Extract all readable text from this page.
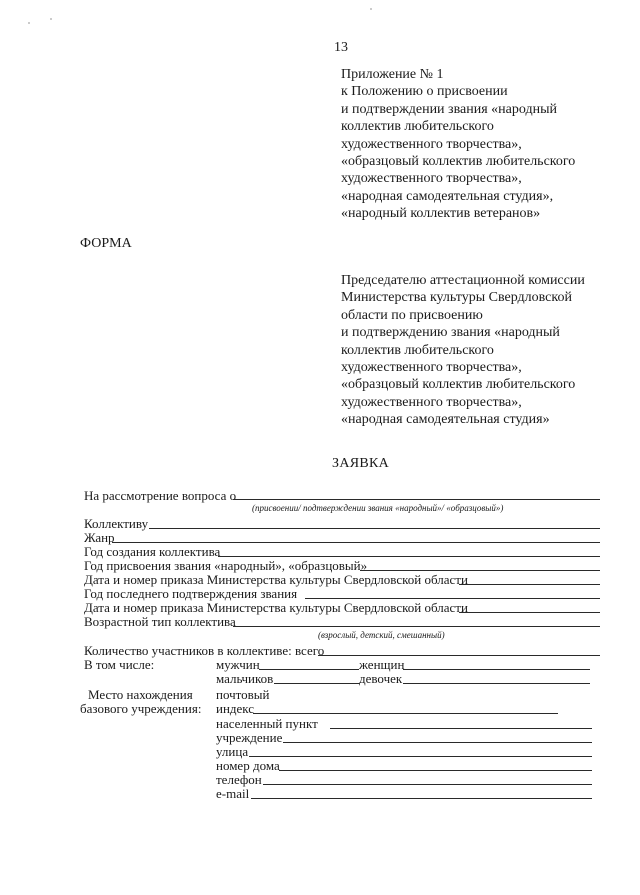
13
Приложение № 1
к Положению о присвоении
и подтверждении звания «народный
коллектив любительского
художественного творчества»,
«образцовый коллектив любительского
художественного творчества»,
«народная самодеятельная студия»,
«народный коллектив ветеранов»
ФОРМА
Председателю аттестационной комиссии
Министерства культуры Свердловской
области по присвоению
и подтверждению звания «народный
коллектив любительского
художественного творчества»,
«образцовый коллектив любительского
художественного творчества»,
«народная самодеятельная студия»
ЗАЯВКА
На рассмотрение вопроса о
(присвоении/ подтверждении звания «народный»/ «образцовый»)
Коллективу
Жанр
Год создания коллектива
Год присвоения звания «народный», «образцовый»
Дата и номер приказа Министерства культуры Свердловской области
Год последнего подтверждения звания
Дата и номер приказа Министерства культуры Свердловской области
Возрастной тип коллектива
(взрослый, детский, смешанный)
Количество участников в коллективе: всего
В том числе:	мужчин	женщин
мальчиков	девочек
Место нахождения
базового учреждения:
почтовый
индекс
населенный пункт
учреждение
улица
номер дома
телефон
e-mail
